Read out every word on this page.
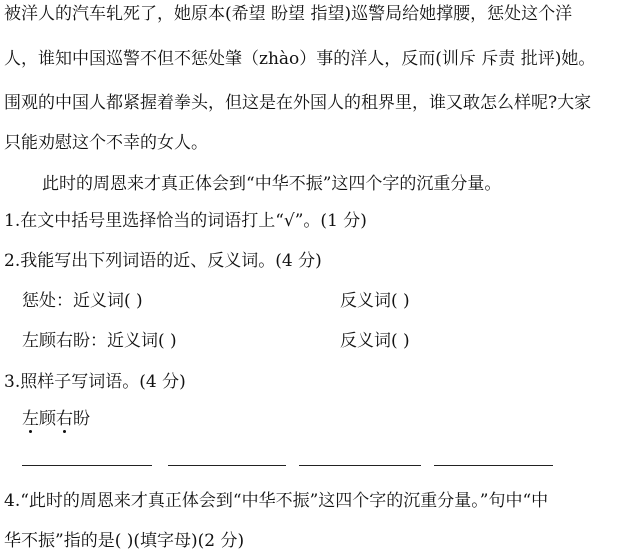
被洋人的汽车轧死了，她原本(希望 盼望 指望)巡警局给她撑腰，惩处这个洋
人，谁知中国巡警不但不惩处肇（zhào）事的洋人，反而(训斥 斥责 批评)她。
围观的中国人都紧握着拳头，但这是在外国人的租界里，谁又敢怎么样呢?大家
只能劝慰这个不幸的女人。
此时的周恩来才真正体会到“中华不振”这四个字的沉重分量。
1.在文中括号里选择恰当的词语打上“√”。(1 分)
2.我能写出下列词语的近、反义词。(4 分)
惩处：近义词( )	反义词( )
左顾右盼：近义词( )	反义词( )
3.照样子写词语。(4 分)
左顾右盼
4.“此时的周恩来才真正体会到“中华不振”这四个字的沉重分量。”句中“中
华不振”指的是( )(填字母)(2 分)
